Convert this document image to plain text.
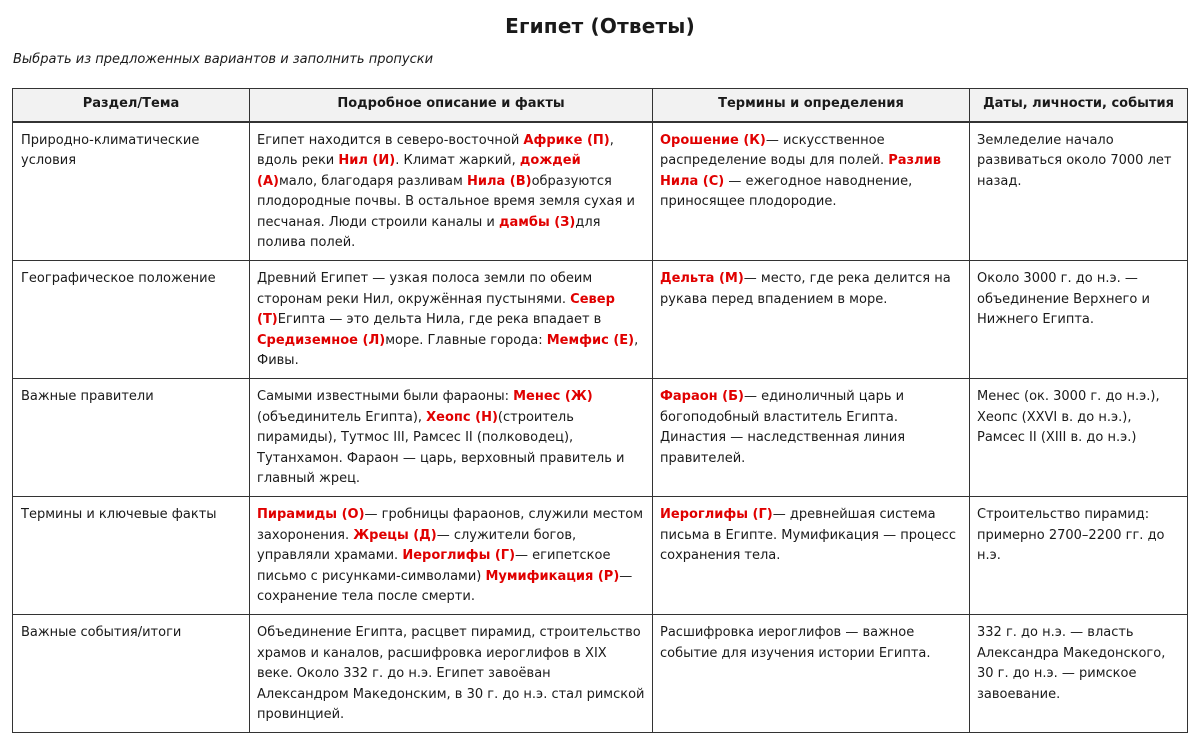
Египет (Ответы)
Выбрать из предложенных вариантов и заполнить пропуски
Раздел/Тема	Подробное описание и факты	Термины и определения	Даты, личности, события
Природно-климатические условия	Египет находится в северо-восточной Африке (П), вдоль реки Нил (И). Климат жаркий, дождей (А)мало, благодаря разливам Нила (В)образуются плодородные почвы. В остальное время земля сухая и песчаная. Люди строили каналы и дамбы (З)для полива полей.	Орошение (К)— искусственное распределение воды для полей. Разлив Нила (С) — ежегодное наводнение, приносящее плодородие.	Земледелие начало развиваться около 7000 лет назад.
Географическое положение	Древний Египет — узкая полоса земли по обеим сторонам реки Нил, окружённая пустынями. Север (Т)Египта — это дельта Нила, где река впадает в Средиземное (Л)море. Главные города: Мемфис (Е), Фивы.	Дельта (М)— место, где река делится на рукава перед впадением в море.	Около 3000 г. до н.э. — объединение Верхнего и Нижнего Египта.
Важные правители	Самыми известными были фараоны: Менес (Ж) (объединитель Египта), Хеопс (Н)(строитель пирамиды), Тутмос III, Рамсес II (полководец), Тутанхамон. Фараон — царь, верховный правитель и главный жрец.	Фараон (Б)— единоличный царь и богоподобный властитель Египта. Династия — наследственная линия правителей.	Менес (ок. 3000 г. до н.э.), Хеопс (XXVI в. до н.э.), Рамсес II (XIII в. до н.э.)
Термины и ключевые факты	Пирамиды (О)— гробницы фараонов, служили местом захоронения. Жрецы (Д)— служители богов, управляли храмами. Иероглифы (Г)— египетское письмо с рисунками-символами) Мумификация (Р)— сохранение тела после смерти.	Иероглифы (Г)— древнейшая система письма в Египте. Мумификация — процесс сохранения тела.	Строительство пирамид: примерно 2700–2200 гг. до н.э.
Важные события/итоги	Объединение Египта, расцвет пирамид, строительство храмов и каналов, расшифровка иероглифов в XIX веке. Около 332 г. до н.э. Египет завоёван Александром Македонским, в 30 г. до н.э. стал римской провинцией.	Расшифровка иероглифов — важное событие для изучения истории Египта.	332 г. до н.э. — власть Александра Македонского, 30 г. до н.э. — римское завоевание.
